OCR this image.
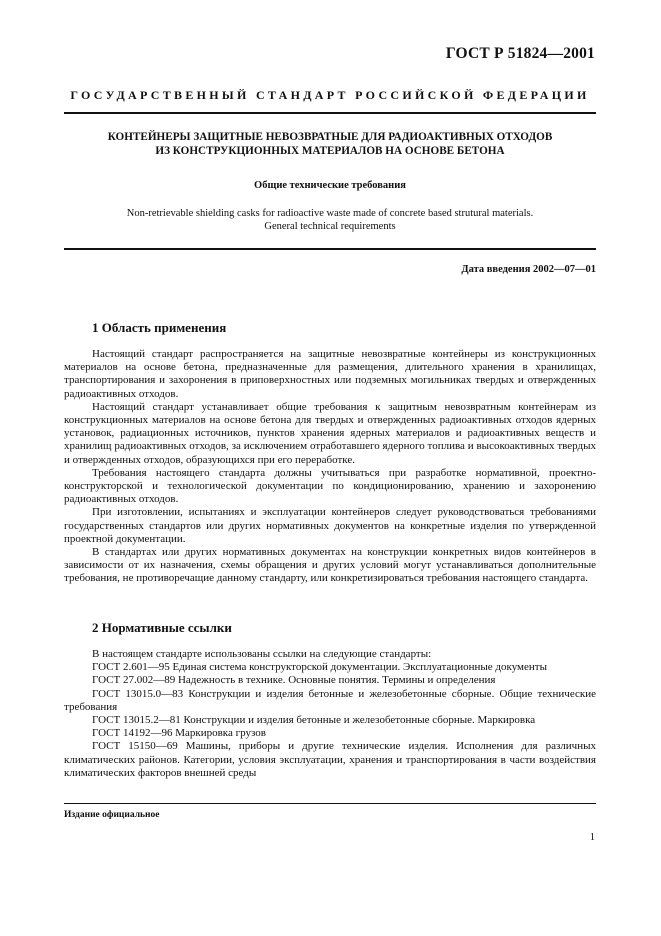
ГОСТ Р 51824—2001
ГОСУДАРСТВЕННЫЙ СТАНДАРТ РОССИЙСКОЙ ФЕДЕРАЦИИ
КОНТЕЙНЕРЫ ЗАЩИТНЫЕ НЕВОЗВРАТНЫЕ ДЛЯ РАДИОАКТИВНЫХ ОТХОДОВ
ИЗ КОНСТРУКЦИОННЫХ МАТЕРИАЛОВ НА ОСНОВЕ БЕТОНА
Общие технические требования
Non-retrievable shielding casks for radioactive waste made of concrete based strutural materials.
General technical requirements
Дата введения 2002—07—01
1 Область применения

Настоящий стандарт распространяется на защитные невозвратные контейнеры из конструкционных материалов на основе бетона, предназначенные для размещения, длительного хранения в хранилищах, транспортирования и захоронения в приповерхностных или подземных могильниках твердых и отвержденных радиоактивных отходов.

Настоящий стандарт устанавливает общие требования к защитным невозвратным контейнерам из конструкционных материалов на основе бетона для твердых и отвержденных радиоактивных отходов ядерных установок, радиационных источников, пунктов хранения ядерных материалов и радиоактивных веществ и хранилищ радиоактивных отходов, за исключением отработавшего ядерного топлива и высокоактивных твердых и отвержденных отходов, образующихся при его переработке.

Требования настоящего стандарта должны учитываться при разработке нормативной, проектно-конструкторской и технологической документации по кондиционированию, хранению и захоронению радиоактивных отходов.

При изготовлении, испытаниях и эксплуатации контейнеров следует руководствоваться требованиями государственных стандартов или других нормативных документов на конкретные изделия по утвержденной проектной документации.

В стандартах или других нормативных документах на конструкции конкретных видов контейнеров в зависимости от их назначения, схемы обращения и других условий могут устанавливаться дополнительные требования, не противоречащие данному стандарту, или конкретизироваться требования настоящего стандарта.

2 Нормативные ссылки

В настоящем стандарте использованы ссылки на следующие стандарты:

ГОСТ 2.601—95 Единая система конструкторской документации. Эксплуатационные документы

ГОСТ 27.002—89 Надежность в технике. Основные понятия. Термины и определения

ГОСТ 13015.0—83 Конструкции и изделия бетонные и железобетонные сборные. Общие технические требования

ГОСТ 13015.2—81 Конструкции и изделия бетонные и железобетонные сборные. Маркировка

ГОСТ 14192—96 Маркировка грузов

ГОСТ 15150—69 Машины, приборы и другие технические изделия. Исполнения для различных климатических районов. Категории, условия эксплуатации, хранения и транспортирования в части воздействия климатических факторов внешней среды

Издание официальное
1
